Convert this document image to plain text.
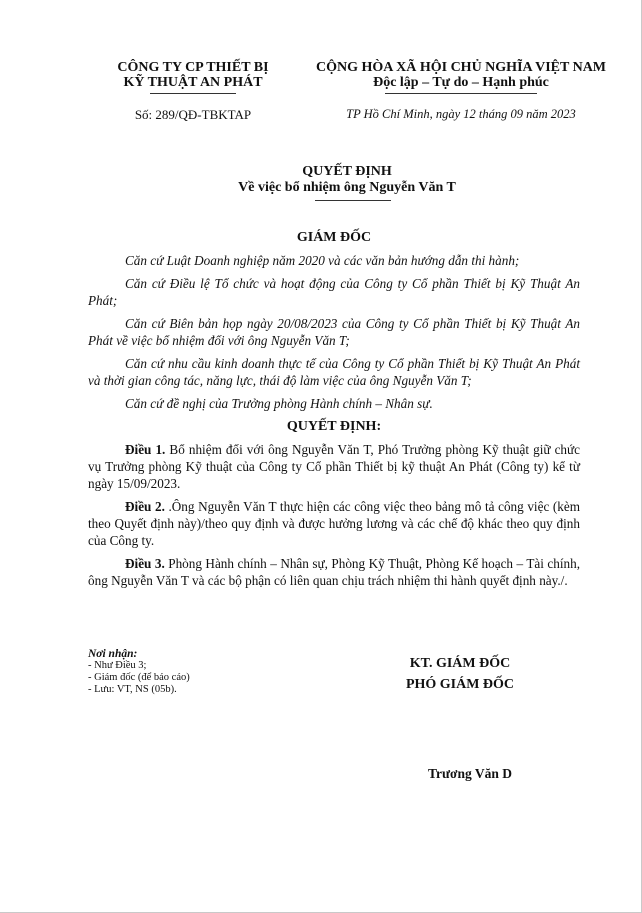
CÔNG TY CP THIẾT BỊ
KỸ THUẬT AN PHÁT
CỘNG HÒA XÃ HỘI CHỦ NGHĨA VIỆT NAM
Độc lập – Tự do – Hạnh phúc
Số: 289/QĐ-TBKTAP	TP Hồ Chí Minh, ngày 12 tháng 09 năm 2023
QUYẾT ĐỊNH
Về việc bổ nhiệm ông Nguyễn Văn T

GIÁM ĐỐC

Căn cứ Luật Doanh nghiệp năm 2020 và các văn bản hướng dẫn thi hành;

Căn cứ Điều lệ Tổ chức và hoạt động của Công ty Cổ phần Thiết bị Kỹ Thuật An Phát;

Căn cứ Biên bản họp ngày 20/08/2023 của Công ty Cổ phần Thiết bị Kỹ Thuật An Phát về việc bổ nhiệm đối với ông Nguyễn Văn T;

Căn cứ nhu cầu kinh doanh thực tế của Công ty Cổ phần Thiết bị Kỹ Thuật An Phát và thời gian công tác, năng lực, thái độ làm việc của ông Nguyễn Văn T;

Căn cứ đề nghị của Trưởng phòng Hành chính – Nhân sự.

QUYẾT ĐỊNH:

Điều 1. Bổ nhiệm đối với ông Nguyễn Văn T, Phó Trưởng phòng Kỹ thuật giữ chức vụ Trưởng phòng Kỹ thuật của Công ty Cổ phần Thiết bị kỹ thuật An Phát (Công ty) kể từ ngày 15/09/2023.

Điều 2. .Ông Nguyễn Văn T thực hiện các công việc theo bảng mô tả công việc (kèm theo Quyết định này)/theo quy định và được hưởng lương và các chế độ khác theo quy định của Công ty.

Điều 3. Phòng Hành chính – Nhân sự, Phòng Kỹ Thuật, Phòng Kế hoạch – Tài chính, ông Nguyễn Văn T và các bộ phận có liên quan chịu trách nhiệm thi hành quyết định này./.

Nơi nhận:
- Như Điều 3;
- Giám đốc (để báo cáo)
- Lưu: VT, NS (05b).
KT. GIÁM ĐỐC
PHÓ GIÁM ĐỐC
Trương Văn D
